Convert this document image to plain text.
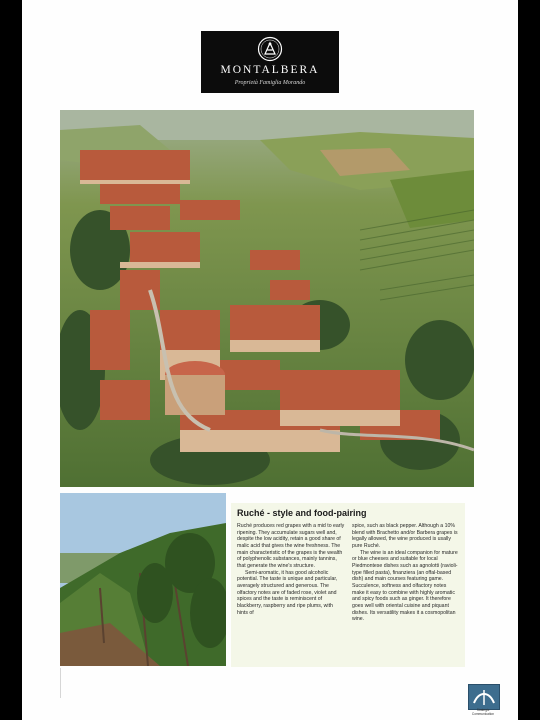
MONTALBERA
Proprietà Famiglia Morando
Ruché - style and food-pairing

Ruché produces red grapes with a mid to early ripening. They accumulate sugars well and, despite the low acidity, retain a good share of malic acid that gives the wine freshness. The main characteristic of the grapes is the wealth of polyphenolic substances, mainly tannins, that generate the wine's structure.

Semi-aromatic, it has good alcoholic potential. The taste is unique and particular, averagely structured and generous. The olfactory notes are of faded rose, violet and spices and the taste is reminiscent of blackberry, raspberry and ripe plums, with hints of

spice, such as black pepper. Although a 10% blend with Brachetto and/or Barbera grapes is legally allowed, the wine produced is usally pure Ruché.

The wine is an ideal companion for mature or blue cheeses and suitable for local Piedmontese dishes such as agnolotti (ravioli-type filled pasta), finanziera (an offal-based dish) and main courses featuring game. Succulence, softness and olfactory notes make it easy to combine with highly aromatic and spicy foods such as ginger. It therefore goes well with oriental cuisine and piquant dishes. Its versatility makes it a cosmopolitan wine.

Strategic Communication
